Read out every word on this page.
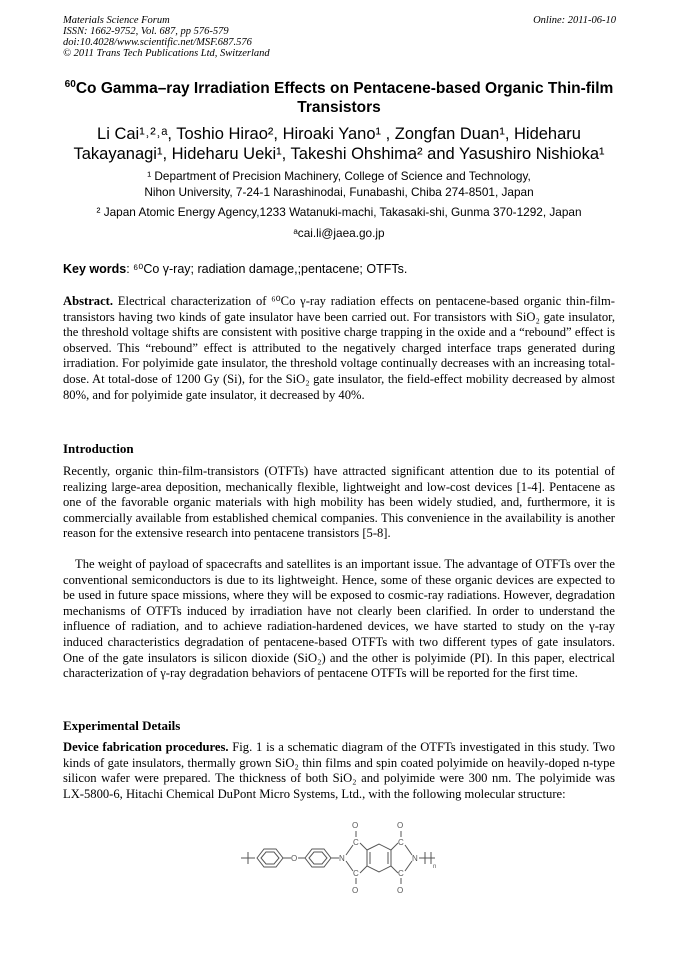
Materials Science Forum
ISSN: 1662-9752, Vol. 687, pp 576-579
doi:10.4028/www.scientific.net/MSF.687.576
© 2011 Trans Tech Publications Ltd, Switzerland
Online: 2011-06-10
$^{60}$Co Gamma–ray Irradiation Effects on Pentacene-based Organic Thin-film Transistors
Li Cai¹˒²˒ᵃ, Toshio Hirao², Hiroaki Yano¹ , Zongfan Duan¹, Hideharu
Takayanagi¹, Hideharu Ueki¹, Takeshi Ohshima² and Yasushiro Nishioka¹
¹ Department of Precision Machinery, College of Science and Technology,
Nihon University, 7-24-1 Narashinodai, Funabashi, Chiba 274-8501, Japan
² Japan Atomic Energy Agency,1233 Watanuki-machi, Takasaki-shi, Gunma 370-1292, Japan
ᵃcai.li@jaea.go.jp
Key words: ⁶⁰Co γ-ray; radiation damage,;pentacene; OTFTs.
Abstract. Electrical characterization of ⁶⁰Co γ-ray radiation effects on pentacene-based organic thin-film-transistors having two kinds of gate insulator have been carried out. For transistors with SiO₂ gate insulator, the threshold voltage shifts are consistent with positive charge trapping in the oxide and a “rebound” effect is observed. This “rebound” effect is attributed to the negatively charged interface traps generated during irradiation. For polyimide gate insulator, the threshold voltage continually decreases with an increasing total-dose. At total-dose of 1200 Gy (Si), for the SiO₂ gate insulator, the field-effect mobility decreased by almost 80%, and for polyimide gate insulator, it decreased by 40%.
Introduction
Recently, organic thin-film-transistors (OTFTs) have attracted significant attention due to its potential of realizing large-area deposition, mechanically flexible, lightweight and low-cost devices [1-4]. Pentacene as one of the favorable organic materials with high mobility has been widely studied, and, furthermore, it is commercially available from established chemical companies. This convenience in the availability is another reason for the extensive research into pentacene transistors [5-8].
The weight of payload of spacecrafts and satellites is an important issue. The advantage of OTFTs over the conventional semiconductors is due to its lightweight. Hence, some of these organic devices are expected to be used in future space missions, where they will be exposed to cosmic-ray radiations. However, degradation mechanisms of OTFTs induced by irradiation have not clearly been clarified. In order to understand the influence of radiation, and to achieve radiation-hardened devices, we have started to study on the γ-ray induced characteristics degradation of pentacene-based OTFTs with two different types of gate insulators. One of the gate insulators is silicon dioxide (SiO₂) and the other is polyimide (PI). In this paper, electrical characterization of γ-ray degradation behaviors of pentacene OTFTs will be reported for the first time.
Experimental Details
Device fabrication procedures. Fig. 1 is a schematic diagram of the OTFTs investigated in this study. Two kinds of gate insulators, thermally grown SiO₂ thin films and spin coated polyimide on heavily-doped n-type silicon wafer were prepared. The thickness of both SiO₂ and polyimide were 300 nm. The polyimide was LX-5800-6, Hitachi Chemical DuPont Micro Systems, Ltd., with the following molecular structure:
O	N
C
C
O
O
C
C
O
O
N
n
